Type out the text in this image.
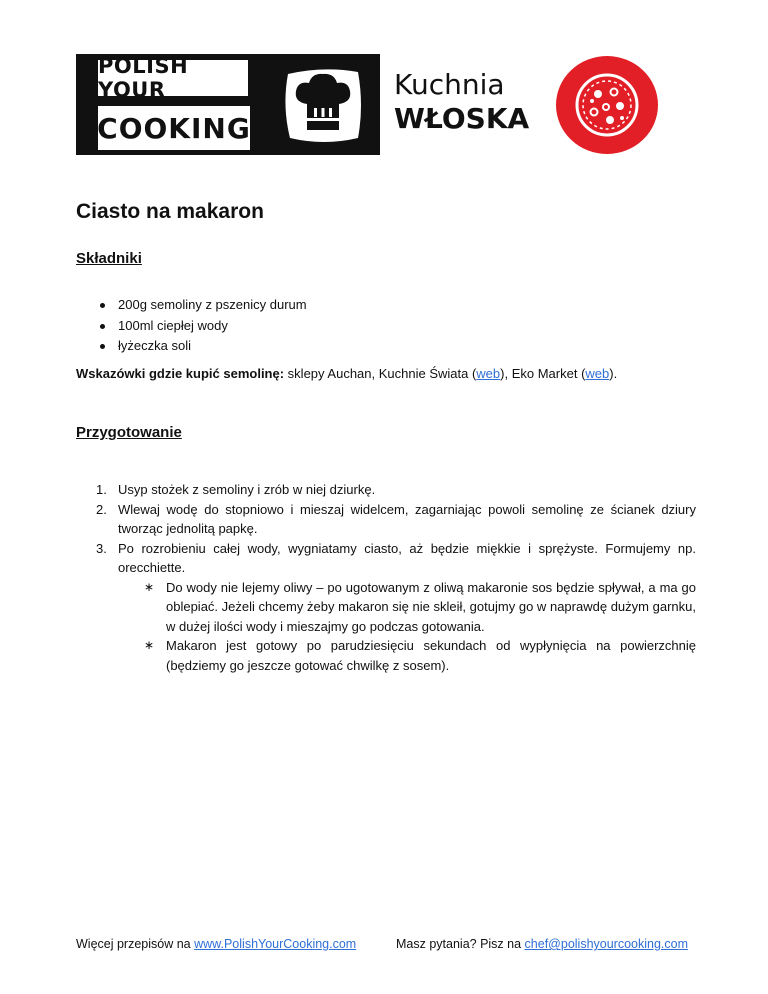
POLISH YOUR
COOKING
Kuchnia
WŁOSKA
Ciasto na makaron
Składniki
200g semoliny z pszenicy durum
100ml ciepłej wody
łyżeczka soli
Wskazówki gdzie kupić semolinę: sklepy Auchan, Kuchnie Świata (web), Eko Market (web).
Przygotowanie
1. Usyp stożek z semoliny i zrób w niej dziurkę.
2. Wlewaj wodę do stopniowo i mieszaj widelcem, zagarniając powoli semolinę ze ścianek dziury tworząc jednolitą papkę.
3. Po rozrobieniu całej wody, wygniatamy ciasto, aż będzie miękkie i sprężyste. Formujemy np. orecchiette.
∗ Do wody nie lejemy oliwy – po ugotowanym z oliwą makaronie sos będzie spływał, a ma go oblepiać. Jeżeli chcemy żeby makaron się nie skleił, gotujmy go w naprawdę dużym garnku, w dużej ilości wody i mieszajmy go podczas gotowania.
∗ Makaron jest gotowy po parudziesięciu sekundach od wypłynięcia na powierzchnię (będziemy go jeszcze gotować chwilkę z sosem).
Więcej przepisów na www.PolishYourCooking.com	Masz pytania? Pisz na chef@polishyourcooking.com
